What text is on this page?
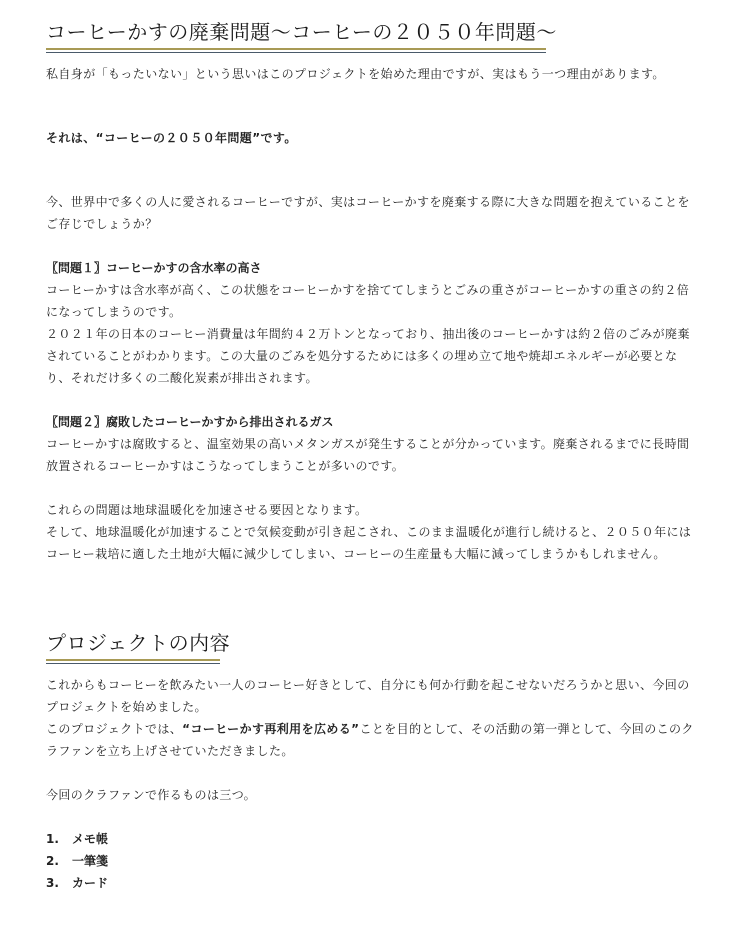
コーヒーかすの廃棄問題〜コーヒーの２０５０年問題〜

私自身が「もったいない」という思いはこのプロジェクトを始めた理由ですが、実はもう一つ理由があります。

それは、“コーヒーの２０５０年問題”です。

今、世界中で多くの人に愛されるコーヒーですが、実はコーヒーかすを廃棄する際に大きな問題を抱えていることをご存じでしょうか？

〖問題１〗コーヒーかすの含水率の高さ

コーヒーかすは含水率が高く、この状態をコーヒーかすを捨ててしまうとごみの重さがコーヒーかすの重さの約２倍になってしまうのです。

２０２１年の日本のコーヒー消費量は年間約４２万トンとなっており、抽出後のコーヒーかすは約２倍のごみが廃棄されていることがわかります。この大量のごみを処分するためには多くの埋め立て地や焼却エネルギーが必要となり、それだけ多くの二酸化炭素が排出されます。

〖問題２〗腐敗したコーヒーかすから排出されるガス

コーヒーかすは腐敗すると、温室効果の高いメタンガスが発生することが分かっています。廃棄されるまでに長時間放置されるコーヒーかすはこうなってしまうことが多いのです。

これらの問題は地球温暖化を加速させる要因となります。

そして、地球温暖化が加速することで気候変動が引き起こされ、このまま温暖化が進行し続けると、２０５０年にはコーヒー栽培に適した土地が大幅に減少してしまい、コーヒーの生産量も大幅に減ってしまうかもしれません。

プロジェクトの内容

これからもコーヒーを飲みたい一人のコーヒー好きとして、自分にも何か行動を起こせないだろうかと思い、今回のプロジェクトを始めました。

このプロジェクトでは、“コーヒーかす再利用を広める”ことを目的として、その活動の第一弾として、今回のこのクラファンを立ち上げさせていただきました。

今回のクラファンで作るものは三つ。

1.	メモ帳
2.	一筆箋
3.	カード
